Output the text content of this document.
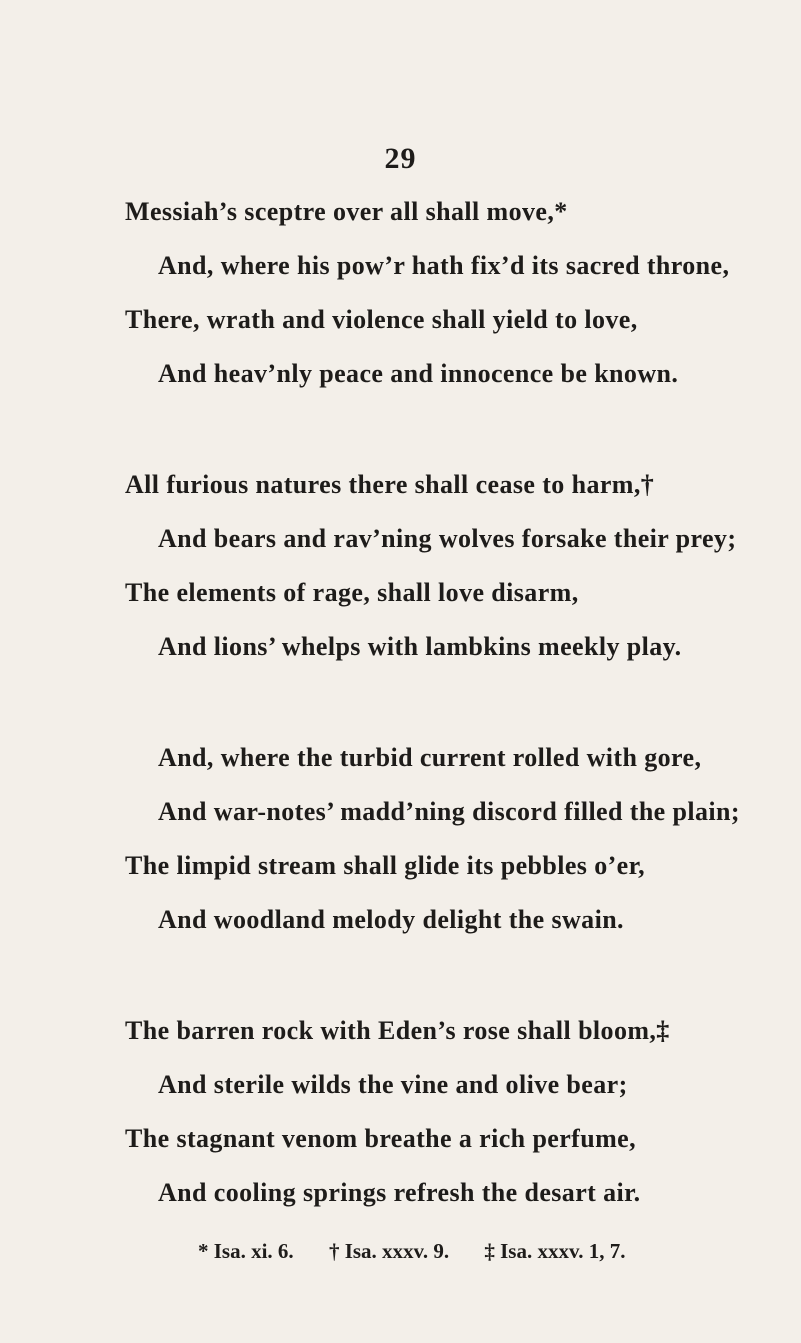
29
Messiah’s sceptre over all shall move,*
And, where his pow’r hath fix’d its sacred throne,
There, wrath and violence shall yield to love,
And heav’nly peace and innocence be known.
All furious natures there shall cease to harm,†
And bears and rav’ning wolves forsake their prey;
The elements of rage, shall love disarm,
And lions’ whelps with lambkins meekly play.
And, where the turbid current rolled with gore,
And war-notes’ madd’ning discord filled the plain;
The limpid stream shall glide its pebbles o’er,
And woodland melody delight the swain.
The barren rock with Eden’s rose shall bloom,‡
And sterile wilds the vine and olive bear;
The stagnant venom breathe a rich perfume,
And cooling springs refresh the desart air.
* Isa. xi. 6. † Isa. xxxv. 9. ‡ Isa. xxxv. 1, 7.
